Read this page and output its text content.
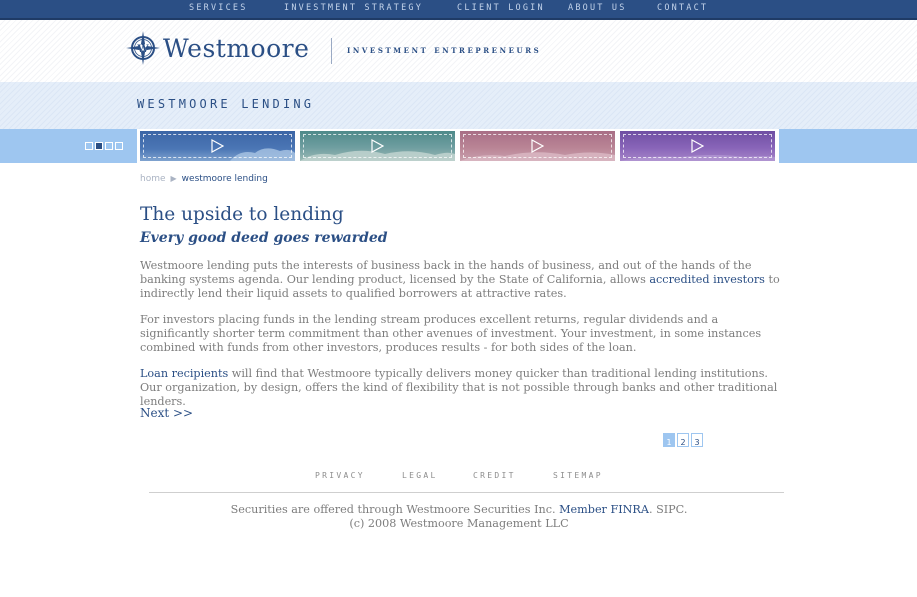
SERVICES	INVESTMENT STRATEGY	CLIENT LOGIN	ABOUT US	CONTACT
W Westmoore	investment entrepreneurs
WESTMOORE LENDING
home ▶ westmoore lending
The upside to lending
Every good deed goes rewarded

Westmoore lending puts the interests of business back in the hands of business, and out of the hands of the banking systems agenda. Our lending product, licensed by the State of California, allows accredited investors to indirectly lend their liquid assets to qualified borrowers at attractive rates.

For investors placing funds in the lending stream produces excellent returns, regular dividends and a significantly shorter term commitment than other avenues of investment. Your investment, in some instances combined with funds from other investors, produces results - for both sides of the loan.

Loan recipients will find that Westmoore typically delivers money quicker than traditional lending institutions. Our organization, by design, offers the kind of flexibility that is not possible through banks and other traditional lenders.

Next >>
1	2	3
PRIVACY	LEGAL	CREDIT	SITEMAP
Securities are offered through Westmoore Securities Inc. Member FINRA. SIPC.
(c) 2008 Westmoore Management LLC
